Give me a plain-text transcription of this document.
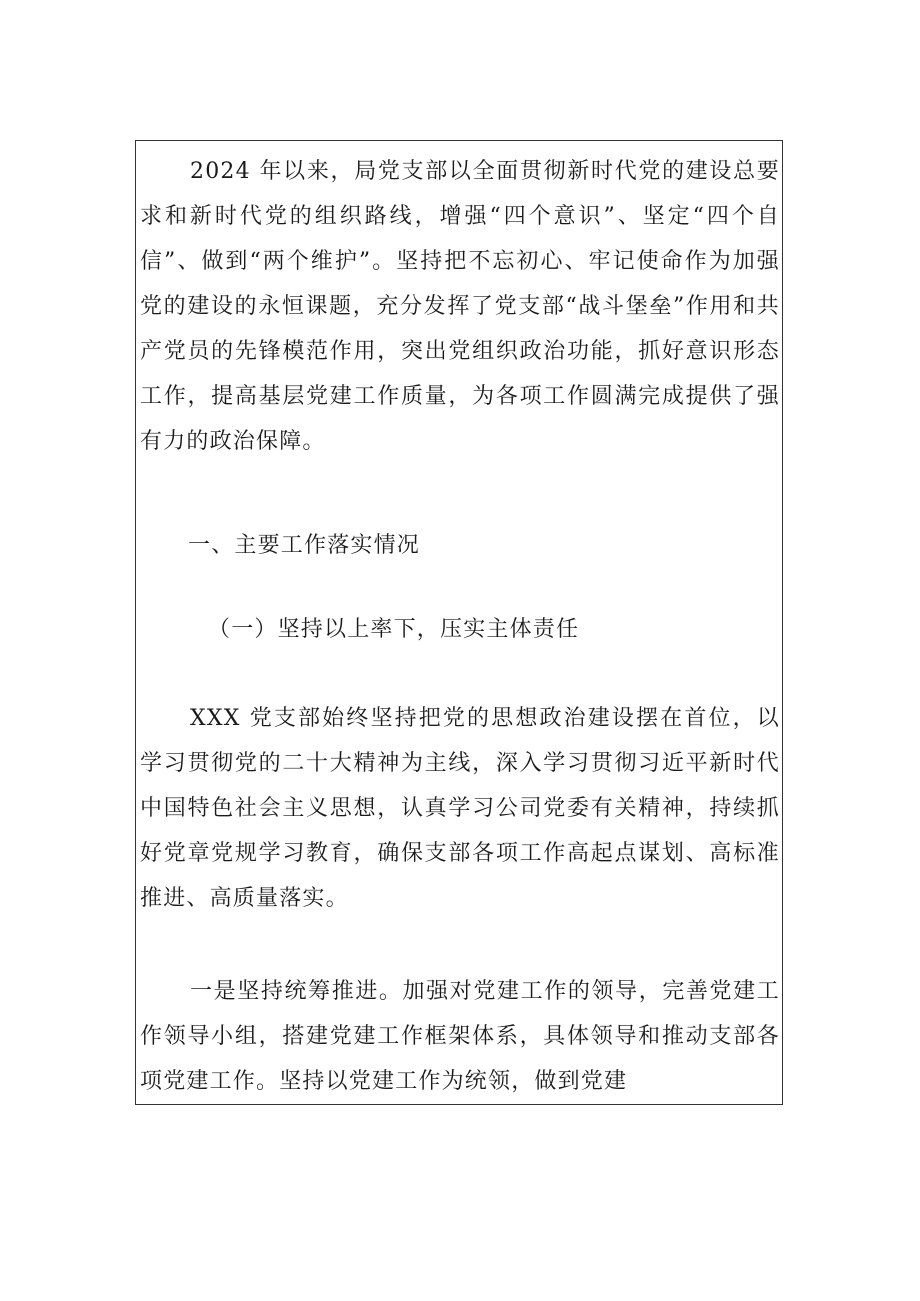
2024 年以来，局党支部以全面贯彻新时代党的建设总要求和新时代党的组织路线，增强“四个意识”、坚定“四个自信”、做到“两个维护”。坚持把不忘初心、牢记使命作为加强党的建设的永恒课题，充分发挥了党支部“战斗堡垒”作用和共产党员的先锋模范作用，突出党组织政治功能，抓好意识形态工作，提高基层党建工作质量，为各项工作圆满完成提供了强有力的政治保障。

一、主要工作落实情况

（一）坚持以上率下，压实主体责任

XXX 党支部始终坚持把党的思想政治建设摆在首位，以学习贯彻党的二十大精神为主线，深入学习贯彻习近平新时代中国特色社会主义思想，认真学习公司党委有关精神，持续抓好党章党规学习教育，确保支部各项工作高起点谋划、高标准推进、高质量落实。

一是坚持统筹推进。加强对党建工作的领导，完善党建工作领导小组，搭建党建工作框架体系，具体领导和推动支部各项党建工作。坚持以党建工作为统领，做到党建
